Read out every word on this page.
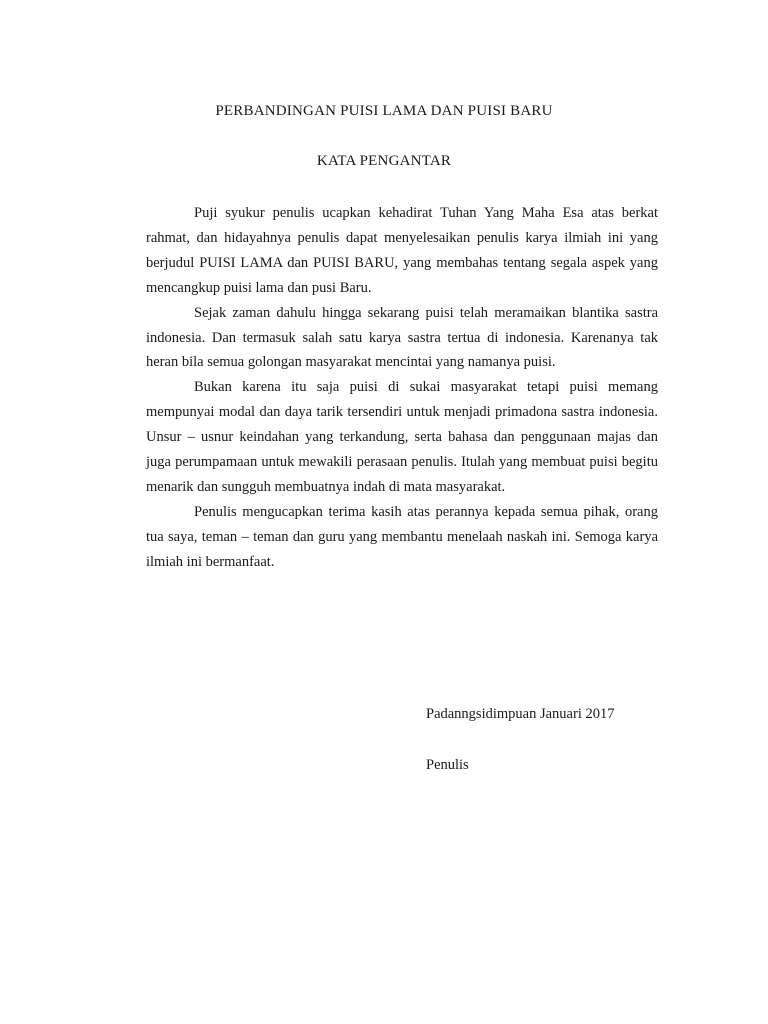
PERBANDINGAN PUISI LAMA DAN PUISI BARU
KATA PENGANTAR

Puji syukur penulis ucapkan kehadirat Tuhan Yang Maha Esa atas berkat rahmat, dan hidayahnya penulis dapat menyelesaikan penulis karya ilmiah ini yang berjudul PUISI LAMA dan PUISI BARU, yang membahas tentang segala aspek yang mencangkup puisi lama dan pusi Baru.

Sejak zaman dahulu hingga sekarang puisi telah meramaikan blantika sastra indonesia. Dan termasuk salah satu karya sastra tertua di indonesia. Karenanya tak heran bila semua golongan masyarakat mencintai yang namanya puisi.

Bukan karena itu saja puisi di sukai masyarakat tetapi puisi memang mempunyai modal dan daya tarik tersendiri untuk menjadi primadona sastra indonesia. Unsur – usnur keindahan yang terkandung, serta bahasa dan penggunaan majas dan juga perumpamaan untuk mewakili perasaan penulis. Itulah yang membuat puisi begitu menarik dan sungguh membuatnya indah di mata masyarakat.

Penulis mengucapkan terima kasih atas perannya kepada semua pihak, orang tua saya, teman – teman dan guru yang membantu menelaah naskah ini. Semoga karya ilmiah ini bermanfaat.

Padanngsidimpuan Januari 2017
Penulis
